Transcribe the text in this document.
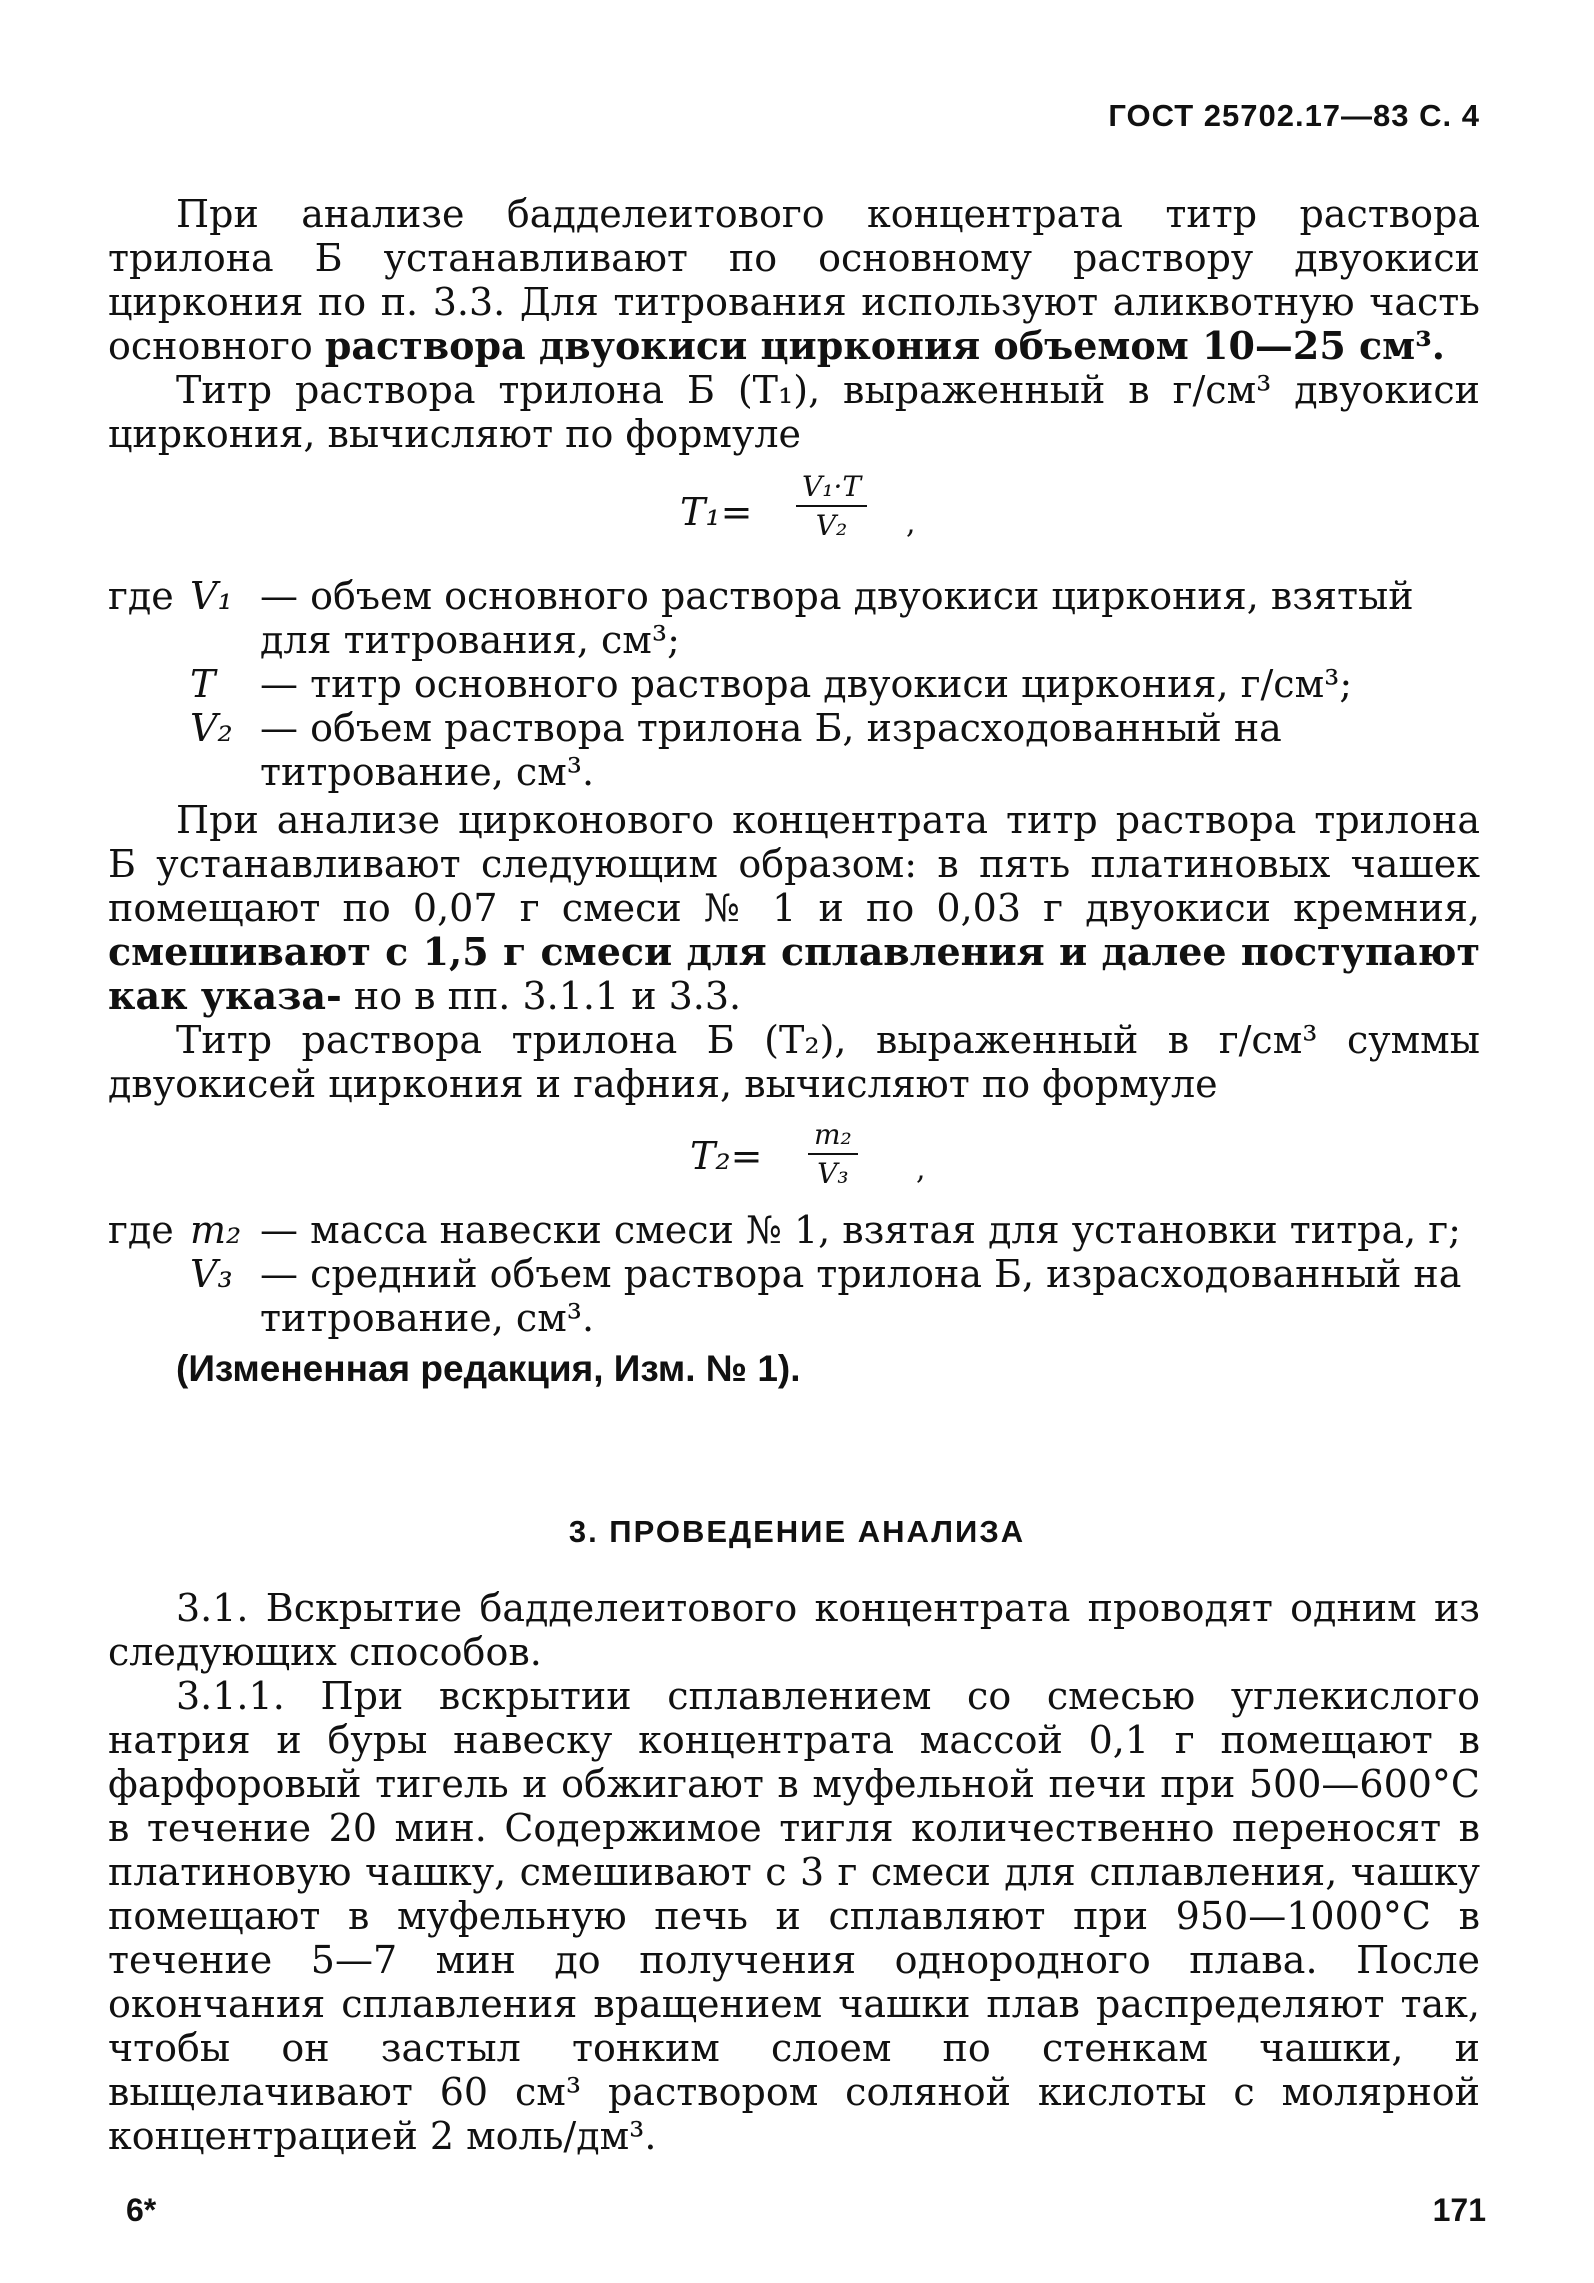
ГОСТ 25702.17—83 С. 4

При анализе бадделеитового концентрата титр раствора трилона Б устанавливают по основному раствору двуокиси циркония по п. 3.3. Для титрования используют аликвотную часть основного раствора двуокиси циркония объемом 10—25 см³.

Титр раствора трилона Б (T₁), выраженный в г/см³ двуокиси циркония, вычисляют по формуле

$T_1= \frac{\text{V₁·T}}{\text{V₂}}$ ,
где V₁ — объем основного раствора двуокиси циркония, взятый для титрования, см³;
T	— титр основного раствора двуокиси циркония, г/см³;
V₂ — объем раствора трилона Б, израсходованный на титрование, см³.

При анализе цирконового концентрата титр раствора трилона Б устанавливают следующим образом: в пять платиновых чашек помещают по 0,07 г смеси № 1 и по 0,03 г двуокиси кремния, смешивают с 1,5 г смеси для сплавления и далее поступают как указа- но в пп. 3.1.1 и 3.3.

Титр раствора трилона Б (T₂), выраженный в г/см³ суммы двуокисей циркония и гафния, вычисляют по формуле

$T_2= \frac{\text{m₂}}{\text{V₃}}$ ,
где m₂ — масса навески смеси № 1, взятая для установки титра, г;
V₃ — средний объем раствора трилона Б, израсходованный на титрование, см³.
(Измененная редакция, Изм. № 1).
3. ПРОВЕДЕНИЕ АНАЛИЗА

3.1. Вскрытие бадделеитового концентрата проводят одним из следующих способов.

3.1.1. При вскрытии сплавлением со смесью углекислого натрия и буры навеску концентрата массой 0,1 г помещают в фарфоровый тигель и обжигают в муфельной печи при 500—600°С в течение 20 мин. Содержимое тигля количественно переносят в платиновую чашку, смешивают с 3 г смеси для сплавления, чашку помещают в муфельную печь и сплавляют при 950—1000°С в течение 5—7 мин до получения однородного плава. После окончания сплавления вращением чашки плав распределяют так, чтобы он застыл тонким слоем по стенкам чашки, и выщелачивают 60 см³ раствором соляной кислоты с молярной концентрацией 2 моль/дм³.

6*	171
